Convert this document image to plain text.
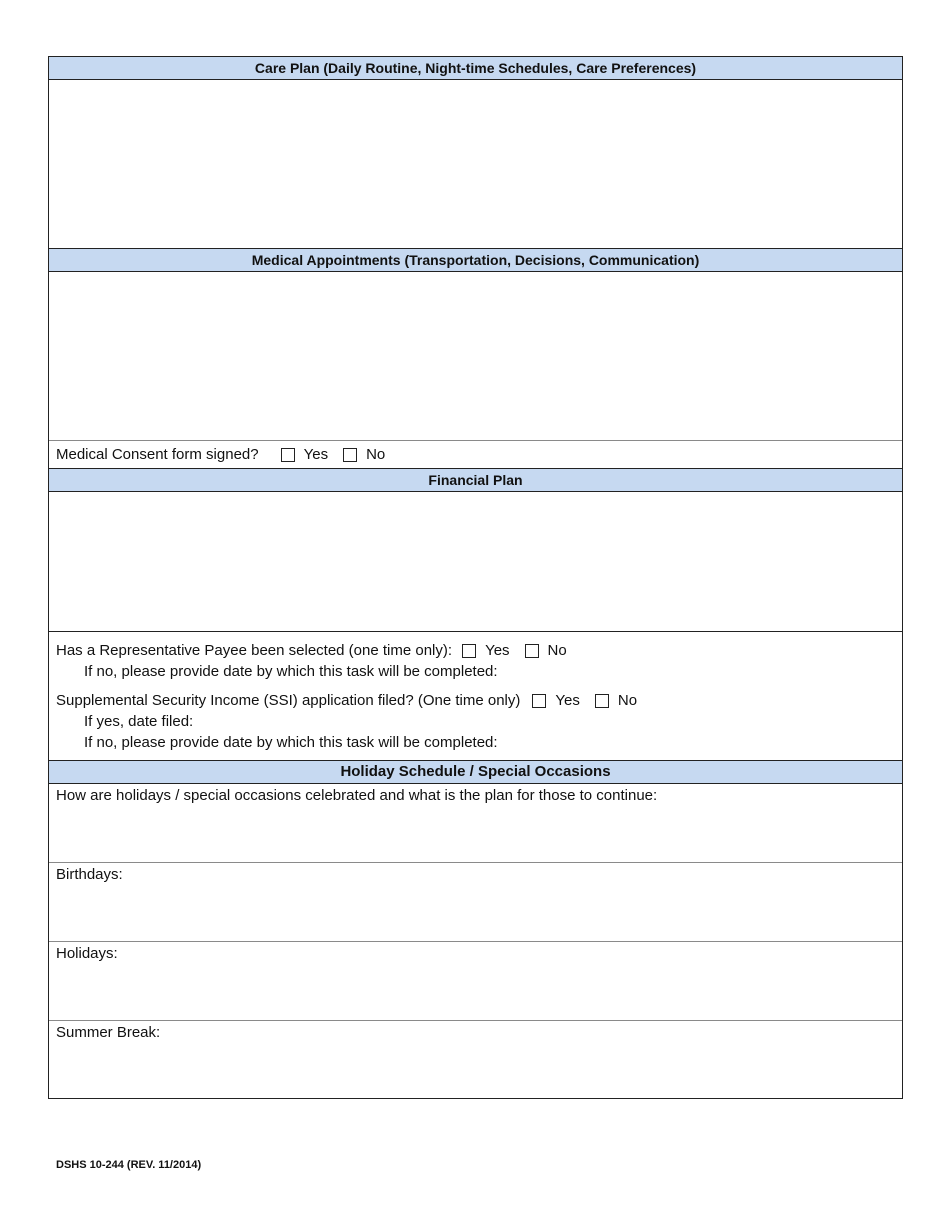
Care Plan (Daily Routine, Night-time Schedules, Care Preferences)
Medical Appointments (Transportation, Decisions, Communication)
Medical Consent form signed?	Yes	No
Financial Plan
Has a Representative Payee been selected (one time only): Yes	No
If no, please provide date by which this task will be completed:
Supplemental Security Income (SSI) application filed? (One time only) Yes	No
If yes, date filed:
If no, please provide date by which this task will be completed:
Holiday Schedule / Special Occasions
How are holidays / special occasions celebrated and what is the plan for those to continue:
Birthdays:
Holidays:
Summer Break:
DSHS 10-244 (REV. 11/2014)
